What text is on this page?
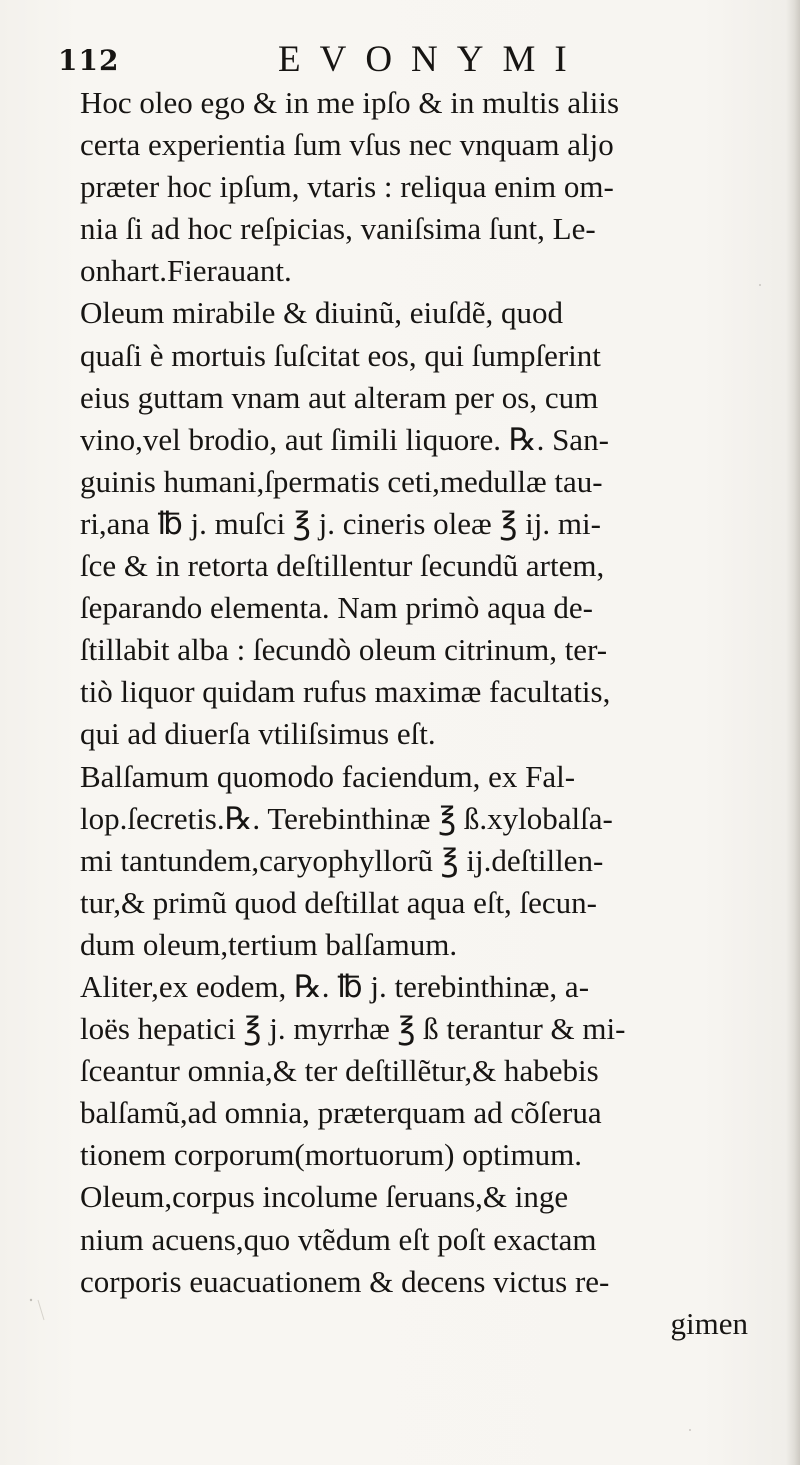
112	EVONYMI
Hoc oleo ego & in me ipſo & in multis aliis
certa experientia ſum vſus nec vnquam aljo
præter hoc ipſum, vtaris : reliqua enim om-
nia ſi ad hoc reſpicias, vaniſsima ſunt, Le-
onhart.Fierauant.
Oleum mirabile & diuinũ, eiuſdẽ, quod
quaſi è mortuis ſuſcitat eos, qui ſumpſerint
eius guttam vnam aut alteram per os, cum
vino,vel brodio, aut ſimili liquore. ℞. San-
guinis humani,ſpermatis ceti,medullæ tau-
ri,ana ℔ j. muſci ℥ j. cineris oleæ ℥ ij. mi-
ſce & in retorta deſtillentur ſecundũ artem,
ſeparando elementa. Nam primò aqua de-
ſtillabit alba : ſecundò oleum citrinum, ter-
tiò liquor quidam rufus maximæ facultatis,
qui ad diuerſa vtiliſsimus eſt.
Balſamum quomodo faciendum, ex Fal-
lop.ſecretis.℞. Terebinthinæ ℥ ß.xylobalſa-
mi tantundem,caryophyllorũ ℥ ij.deſtillen-
tur,& primũ quod deſtillat aqua eſt, ſecun-
dum oleum,tertium balſamum.
Aliter,ex eodem, ℞. ℔ j. terebinthinæ, a-
loës hepatici ℥ j. myrrhæ ℥ ß terantur & mi-
ſceantur omnia,& ter deſtillẽtur,& habebis
balſamũ,ad omnia, præterquam ad cõſerua
tionem corporum(mortuorum) optimum.
Oleum,corpus incolume ſeruans,& inge
nium acuens,quo vtẽdum eſt poſt exactam
corporis euacuationem & decens victus re-
gimen
